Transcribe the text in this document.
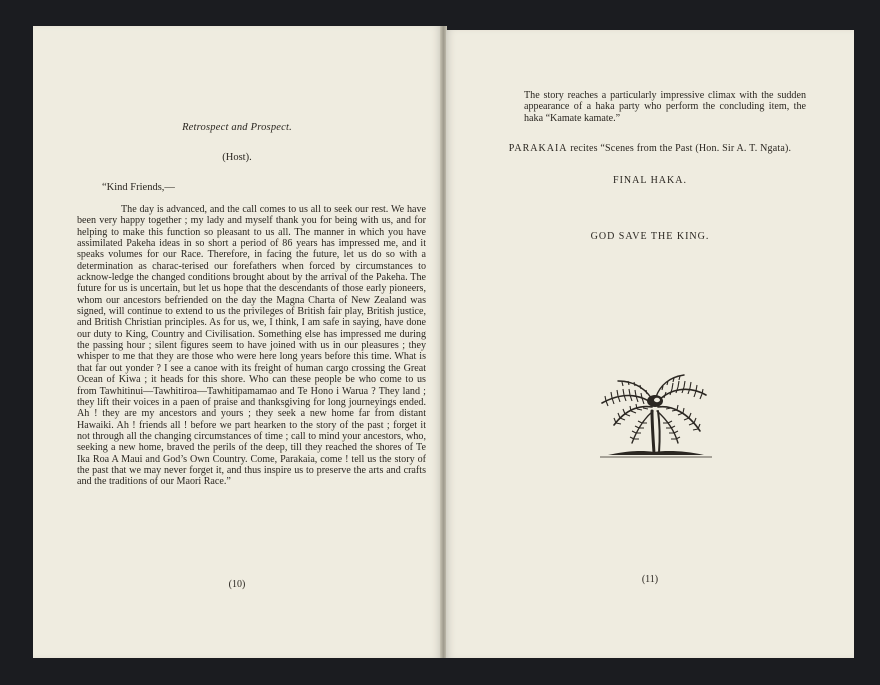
Retrospect and Prospect.
(Host).
“Kind Friends,—

The day is advanced, and the call comes to us all to seek our rest. We have been very happy together ; my lady and myself thank you for being with us, and for helping to make this function so pleasant to us all. The manner in which you have assimilated Pakeha ideas in so short a period of 86 years has impressed me, and it speaks volumes for our Race. Therefore, in facing the future, let us do so with a determination as charac-terised our forefathers when forced by circumstances to acknow-ledge the changed conditions brought about by the arrival of the Pakeha. The future for us is uncertain, but let us hope that the descendants of those early pioneers, whom our ancestors befriended on the day the Magna Charta of New Zealand was signed, will continue to extend to us the privileges of British fair play, British justice, and British Christian principles. As for us, we, I think, I am safe in saying, have done our duty to King, Country and Civilisation. Something else has impressed me during the passing hour ; silent figures seem to have joined with us in our pleasures ; they whisper to me that they are those who were here long years before this time. What is that far out yonder ? I see a canoe with its freight of human cargo crossing the Great Ocean of Kiwa ; it heads for this shore. Who can these people be who come to us from Tawhitinui—Tawhitiroa—Tawhitipamamao and Te Hono i Warua ? They land ; they lift their voices in a paen of praise and thanksgiving for long journeyings ended. Ah ! they are my ancestors and yours ; they seek a new home far from distant Hawaiki. Ah ! friends all ! before we part hearken to the story of the past ; forget it not through all the changing circumstances of time ; call to mind your ancestors, who, seeking a new home, braved the perils of the deep, till they reached the shores of Te Ika Roa A Maui and God’s Own Country. Come, Parakaia, come ! tell us the story of the past that we may never forget it, and thus inspire us to preserve the arts and crafts and the traditions of our Maori Race.”

(10)

The story reaches a particularly impressive climax with the sudden appearance of a haka party who perform the concluding item, the haka “Kamate kamate.”

PARAKAIA recites “Scenes from the Past (Hon. Sir A. T. Ngata).
FINAL HAKA.
GOD SAVE THE KING.
(11)
